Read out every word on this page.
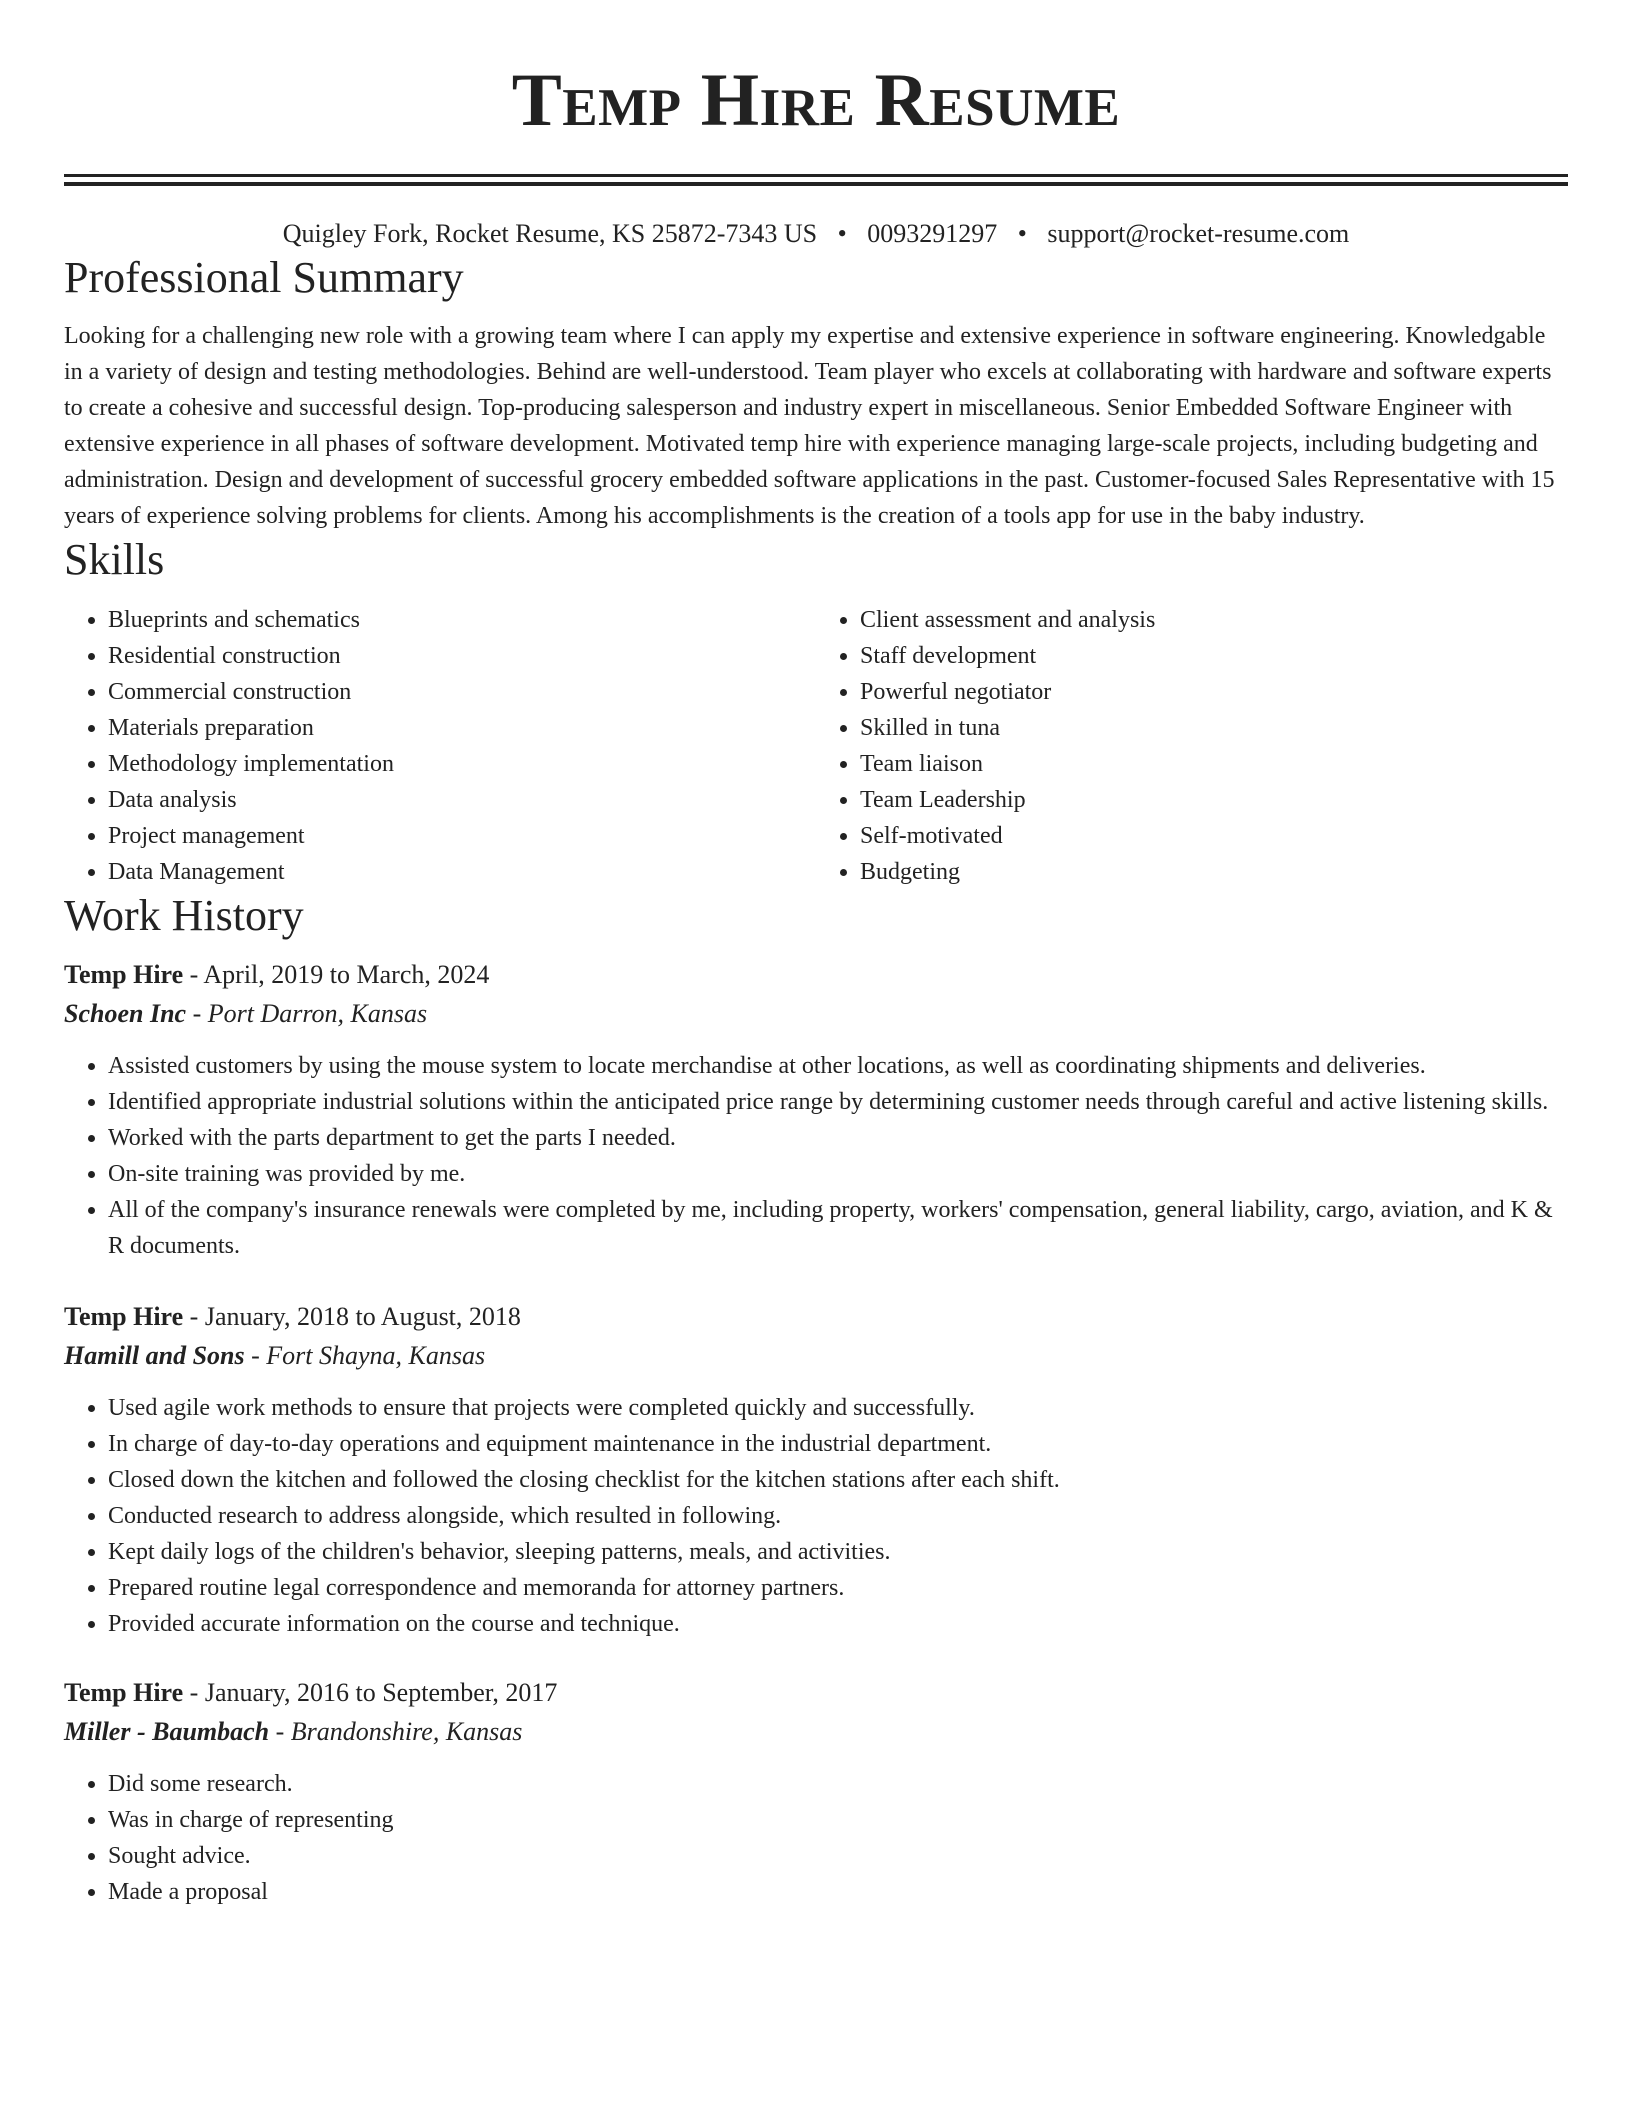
Temp Hire Resume
Quigley Fork, Rocket Resume, KS 25872-7343 US • 0093291297 • support@rocket-resume.com
Professional Summary

Looking for a challenging new role with a growing team where I can apply my expertise and extensive experience in software engineering. Knowledgable in a variety of design and testing methodologies. Behind are well-understood. Team player who excels at collaborating with hardware and software experts to create a cohesive and successful design. Top-producing salesperson and industry expert in miscellaneous. Senior Embedded Software Engineer with extensive experience in all phases of software development. Motivated temp hire with experience managing large-scale projects, including budgeting and administration. Design and development of successful grocery embedded software applications in the past. Customer-focused Sales Representative with 15 years of experience solving problems for clients. Among his accomplishments is the creation of a tools app for use in the baby industry.

Skills
• Blueprints and schematics
• Residential construction
• Commercial construction
• Materials preparation
• Methodology implementation
• Data analysis
• Project management
• Data Management
• Client assessment and analysis
• Staff development
• Powerful negotiator
• Skilled in tuna
• Team liaison
• Team Leadership
• Self-motivated
• Budgeting
Work History
Temp Hire - April, 2019 to March, 2024
Schoen Inc - Port Darron, Kansas
• Assisted customers by using the mouse system to locate merchandise at other locations, as well as coordinating shipments and deliveries.
• Identified appropriate industrial solutions within the anticipated price range by determining customer needs through careful and active listening skills.
• Worked with the parts department to get the parts I needed.
• On-site training was provided by me.
• All of the company's insurance renewals were completed by me, including property, workers' compensation, general liability, cargo, aviation, and K & R documents.
Temp Hire - January, 2018 to August, 2018
Hamill and Sons - Fort Shayna, Kansas
• Used agile work methods to ensure that projects were completed quickly and successfully.
• In charge of day-to-day operations and equipment maintenance in the industrial department.
• Closed down the kitchen and followed the closing checklist for the kitchen stations after each shift.
• Conducted research to address alongside, which resulted in following.
• Kept daily logs of the children's behavior, sleeping patterns, meals, and activities.
• Prepared routine legal correspondence and memoranda for attorney partners.
• Provided accurate information on the course and technique.
Temp Hire - January, 2016 to September, 2017
Miller - Baumbach - Brandonshire, Kansas
• Did some research.
• Was in charge of representing
• Sought advice.
• Made a proposal
